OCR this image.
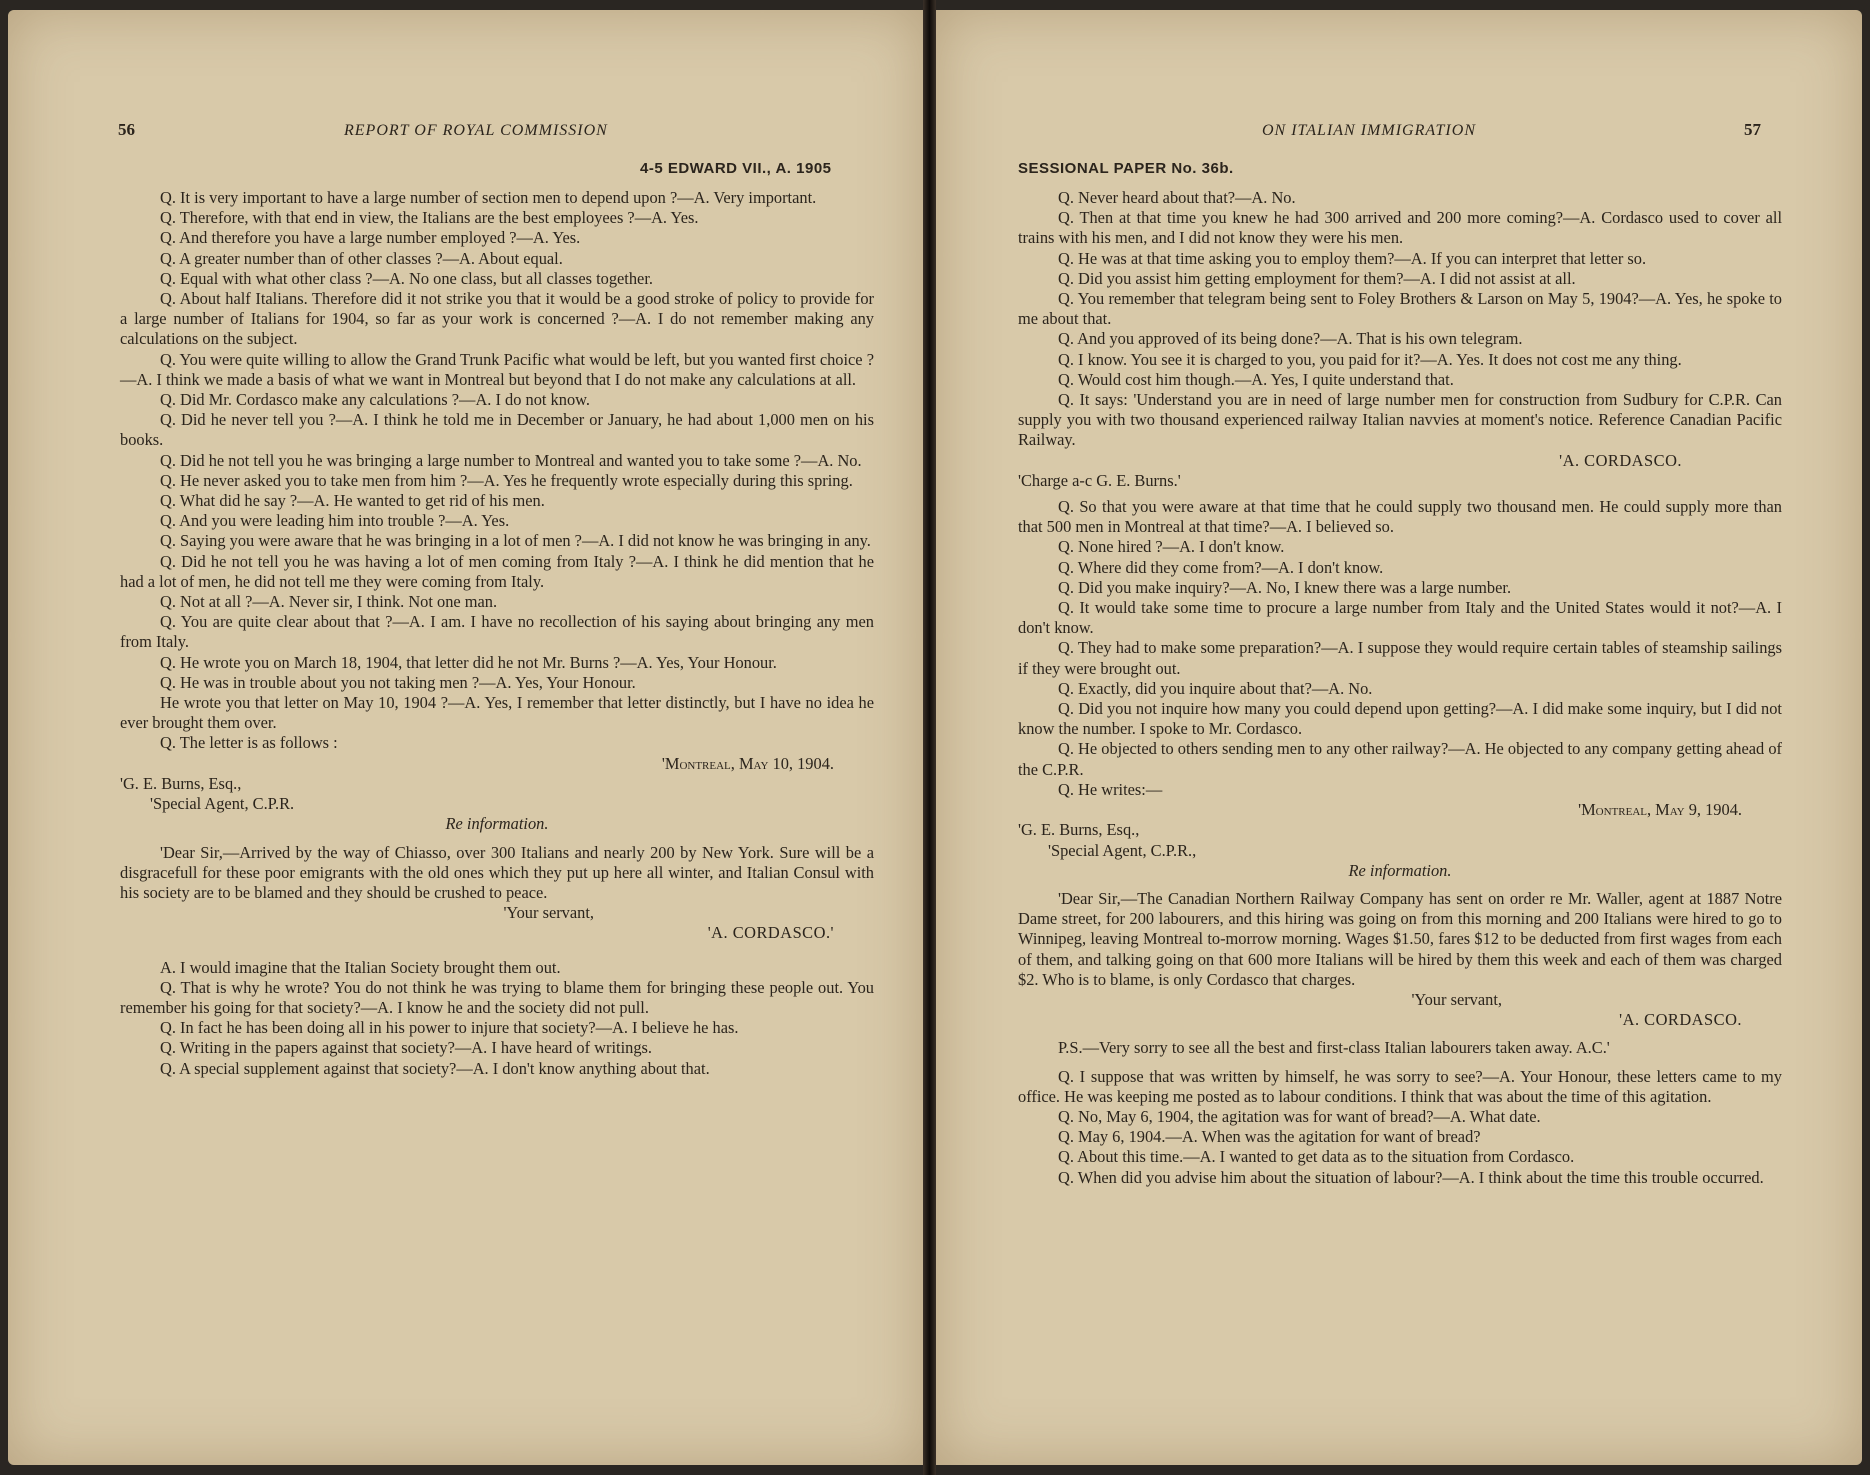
56	REPORT OF ROYAL COMMISSION
4-5 EDWARD VII., A. 1905

Q. It is very important to have a large number of section men to depend upon ?—A. Very important.

Q. Therefore, with that end in view, the Italians are the best employees ?—A. Yes.

Q. And therefore you have a large number employed ?—A. Yes.

Q. A greater number than of other classes ?—A. About equal.

Q. Equal with what other class ?—A. No one class, but all classes together.

Q. About half Italians. Therefore did it not strike you that it would be a good stroke of policy to provide for a large number of Italians for 1904, so far as your work is concerned ?—A. I do not remember making any calculations on the subject.

Q. You were quite willing to allow the Grand Trunk Pacific what would be left, but you wanted first choice ?—A. I think we made a basis of what we want in Montreal but beyond that I do not make any calculations at all.

Q. Did Mr. Cordasco make any calculations ?—A. I do not know.

Q. Did he never tell you ?—A. I think he told me in December or January, he had about 1,000 men on his books.

Q. Did he not tell you he was bringing a large number to Montreal and wanted you to take some ?—A. No.

Q. He never asked you to take men from him ?—A. Yes he frequently wrote especially during this spring.

Q. What did he say ?—A. He wanted to get rid of his men.

Q. And you were leading him into trouble ?—A. Yes.

Q. Saying you were aware that he was bringing in a lot of men ?—A. I did not know he was bringing in any.

Q. Did he not tell you he was having a lot of men coming from Italy ?—A. I think he did mention that he had a lot of men, he did not tell me they were coming from Italy.

Q. Not at all ?—A. Never sir, I think. Not one man.

Q. You are quite clear about that ?—A. I am. I have no recollection of his saying about bringing any men from Italy.

Q. He wrote you on March 18, 1904, that letter did he not Mr. Burns ?—A. Yes, Your Honour.

Q. He was in trouble about you not taking men ?—A. Yes, Your Honour.

He wrote you that letter on May 10, 1904 ?—A. Yes, I remember that letter distinctly, but I have no idea he ever brought them over.

Q. The letter is as follows :

'Montreal, May 10, 1904.

'G. E. Burns, Esq.,

'Special Agent, C.P.R.

Re information.

'Dear Sir,—Arrived by the way of Chiasso, over 300 Italians and nearly 200 by New York. Sure will be a disgracefull for these poor emigrants with the old ones which they put up here all winter, and Italian Consul with his society are to be blamed and they should be crushed to peace.

'Your servant,

'A. CORDASCO.'

A. I would imagine that the Italian Society brought them out.

Q. That is why he wrote? You do not think he was trying to blame them for bringing these people out. You remember his going for that society?—A. I know he and the society did not pull.

Q. In fact he has been doing all in his power to injure that society?—A. I believe he has.

Q. Writing in the papers against that society?—A. I have heard of writings.

Q. A special supplement against that society?—A. I don't know anything about that.

ON ITALIAN IMMIGRATION	57
SESSIONAL PAPER No. 36b.

Q. Never heard about that?—A. No.

Q. Then at that time you knew he had 300 arrived and 200 more coming?—A. Cordasco used to cover all trains with his men, and I did not know they were his men.

Q. He was at that time asking you to employ them?—A. If you can interpret that letter so.

Q. Did you assist him getting employment for them?—A. I did not assist at all.

Q. You remember that telegram being sent to Foley Brothers & Larson on May 5, 1904?—A. Yes, he spoke to me about that.

Q. And you approved of its being done?—A. That is his own telegram.

Q. I know. You see it is charged to you, you paid for it?—A. Yes. It does not cost me any thing.

Q. Would cost him though.—A. Yes, I quite understand that.

Q. It says: 'Understand you are in need of large number men for construction from Sudbury for C.P.R. Can supply you with two thousand experienced railway Italian navvies at moment's notice. Reference Canadian Pacific Railway.

'A. CORDASCO.

'Charge a-c G. E. Burns.'

Q. So that you were aware at that time that he could supply two thousand men. He could supply more than that 500 men in Montreal at that time?—A. I believed so.

Q. None hired ?—A. I don't know.

Q. Where did they come from?—A. I don't know.

Q. Did you make inquiry?—A. No, I knew there was a large number.

Q. It would take some time to procure a large number from Italy and the United States would it not?—A. I don't know.

Q. They had to make some preparation?—A. I suppose they would require certain tables of steamship sailings if they were brought out.

Q. Exactly, did you inquire about that?—A. No.

Q. Did you not inquire how many you could depend upon getting?—A. I did make some inquiry, but I did not know the number. I spoke to Mr. Cordasco.

Q. He objected to others sending men to any other railway?—A. He objected to any company getting ahead of the C.P.R.

Q. He writes:—

'Montreal, May 9, 1904.

'G. E. Burns, Esq.,

'Special Agent, C.P.R.,

Re information.

'Dear Sir,—The Canadian Northern Railway Company has sent on order re Mr. Waller, agent at 1887 Notre Dame street, for 200 labourers, and this hiring was going on from this morning and 200 Italians were hired to go to Winnipeg, leaving Montreal to-morrow morning. Wages $1.50, fares $12 to be deducted from first wages from each of them, and talking going on that 600 more Italians will be hired by them this week and each of them was charged $2. Who is to blame, is only Cordasco that charges.

'Your servant,

'A. CORDASCO.

P.S.—Very sorry to see all the best and first-class Italian labourers taken away. A.C.'

Q. I suppose that was written by himself, he was sorry to see?—A. Your Honour, these letters came to my office. He was keeping me posted as to labour conditions. I think that was about the time of this agitation.

Q. No, May 6, 1904, the agitation was for want of bread?—A. What date.

Q. May 6, 1904.—A. When was the agitation for want of bread?

Q. About this time.—A. I wanted to get data as to the situation from Cordasco.

Q. When did you advise him about the situation of labour?—A. I think about the time this trouble occurred.
